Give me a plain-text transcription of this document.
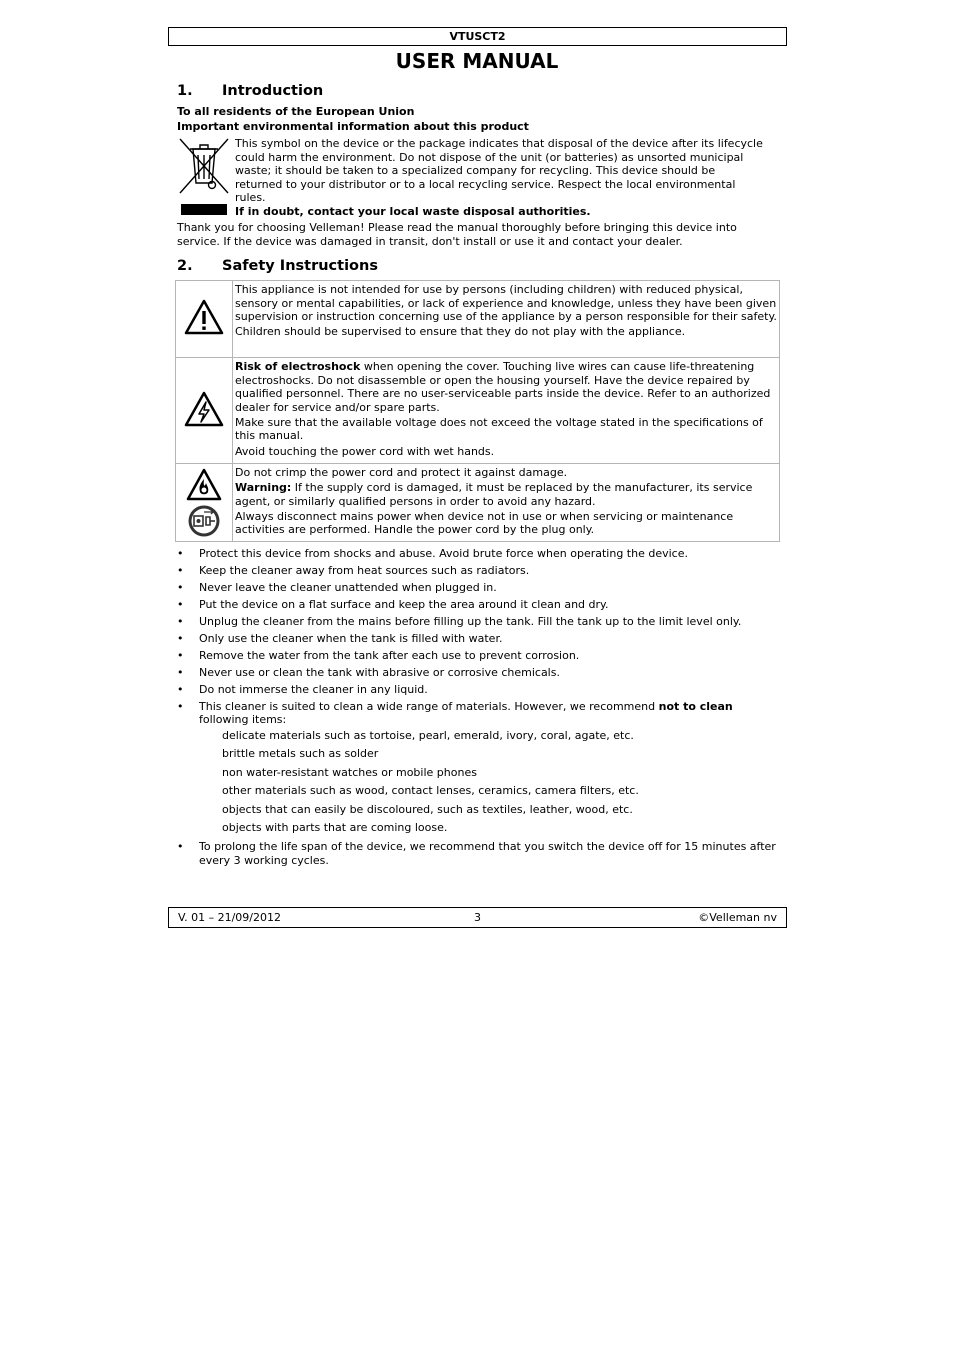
VTUSCT2
USER MANUAL
1. Introduction
To all residents of the European Union
Important environmental information about this product
This symbol on the device or the package indicates that disposal of the device after its lifecycle
could harm the environment. Do not dispose of the unit (or batteries) as unsorted municipal
waste; it should be taken to a specialized company for recycling. This device should be
returned to your distributor or to a local recycling service. Respect the local environmental
rules.
If in doubt, contact your local waste disposal authorities.
Thank you for choosing Velleman! Please read the manual thoroughly before bringing this device into
service. If the device was damaged in transit, don't install or use it and contact your dealer.
2. Safety Instructions

This appliance is not intended for use by persons (including children) with reduced physical, sensory or mental capabilities, or lack of experience and knowledge, unless they have been given supervision or instruction concerning use of the appliance by a person responsible for their safety.

Children should be supervised to ensure that they do not play with the appliance.

Risk of electroshock when opening the cover. Touching live wires can cause life-threatening electroshocks. Do not disassemble or open the housing yourself. Have the device repaired by qualified personnel. There are no user-serviceable parts inside the device. Refer to an authorized dealer for service and/or spare parts.

Make sure that the available voltage does not exceed the voltage stated in the specifications of this manual.

Avoid touching the power cord with wet hands.

Do not crimp the power cord and protect it against damage.

Warning: If the supply cord is damaged, it must be replaced by the manufacturer, its service agent, or similarly qualified persons in order to avoid any hazard.

Always disconnect mains power when device not in use or when servicing or maintenance activities are performed. Handle the power cord by the plug only.

• Protect this device from shocks and abuse. Avoid brute force when operating the device.
• Keep the cleaner away from heat sources such as radiators.
• Never leave the cleaner unattended when plugged in.
• Put the device on a flat surface and keep the area around it clean and dry.
• Unplug the cleaner from the mains before filling up the tank. Fill the tank up to the limit level only.
• Only use the cleaner when the tank is filled with water.
• Remove the water from the tank after each use to prevent corrosion.
• Never use or clean the tank with abrasive or corrosive chemicals.
• Do not immerse the cleaner in any liquid.
• This cleaner is suited to clean a wide range of materials. However, we recommend not to clean following items:
delicate materials such as tortoise, pearl, emerald, ivory, coral, agate, etc.
brittle metals such as solder
non water-resistant watches or mobile phones
other materials such as wood, contact lenses, ceramics, camera filters, etc.
objects that can easily be discoloured, such as textiles, leather, wood, etc.
objects with parts that are coming loose.
• To prolong the life span of the device, we recommend that you switch the device off for 15 minutes after every 3 working cycles.
V. 01 – 21/09/2012	3	©Velleman nv
